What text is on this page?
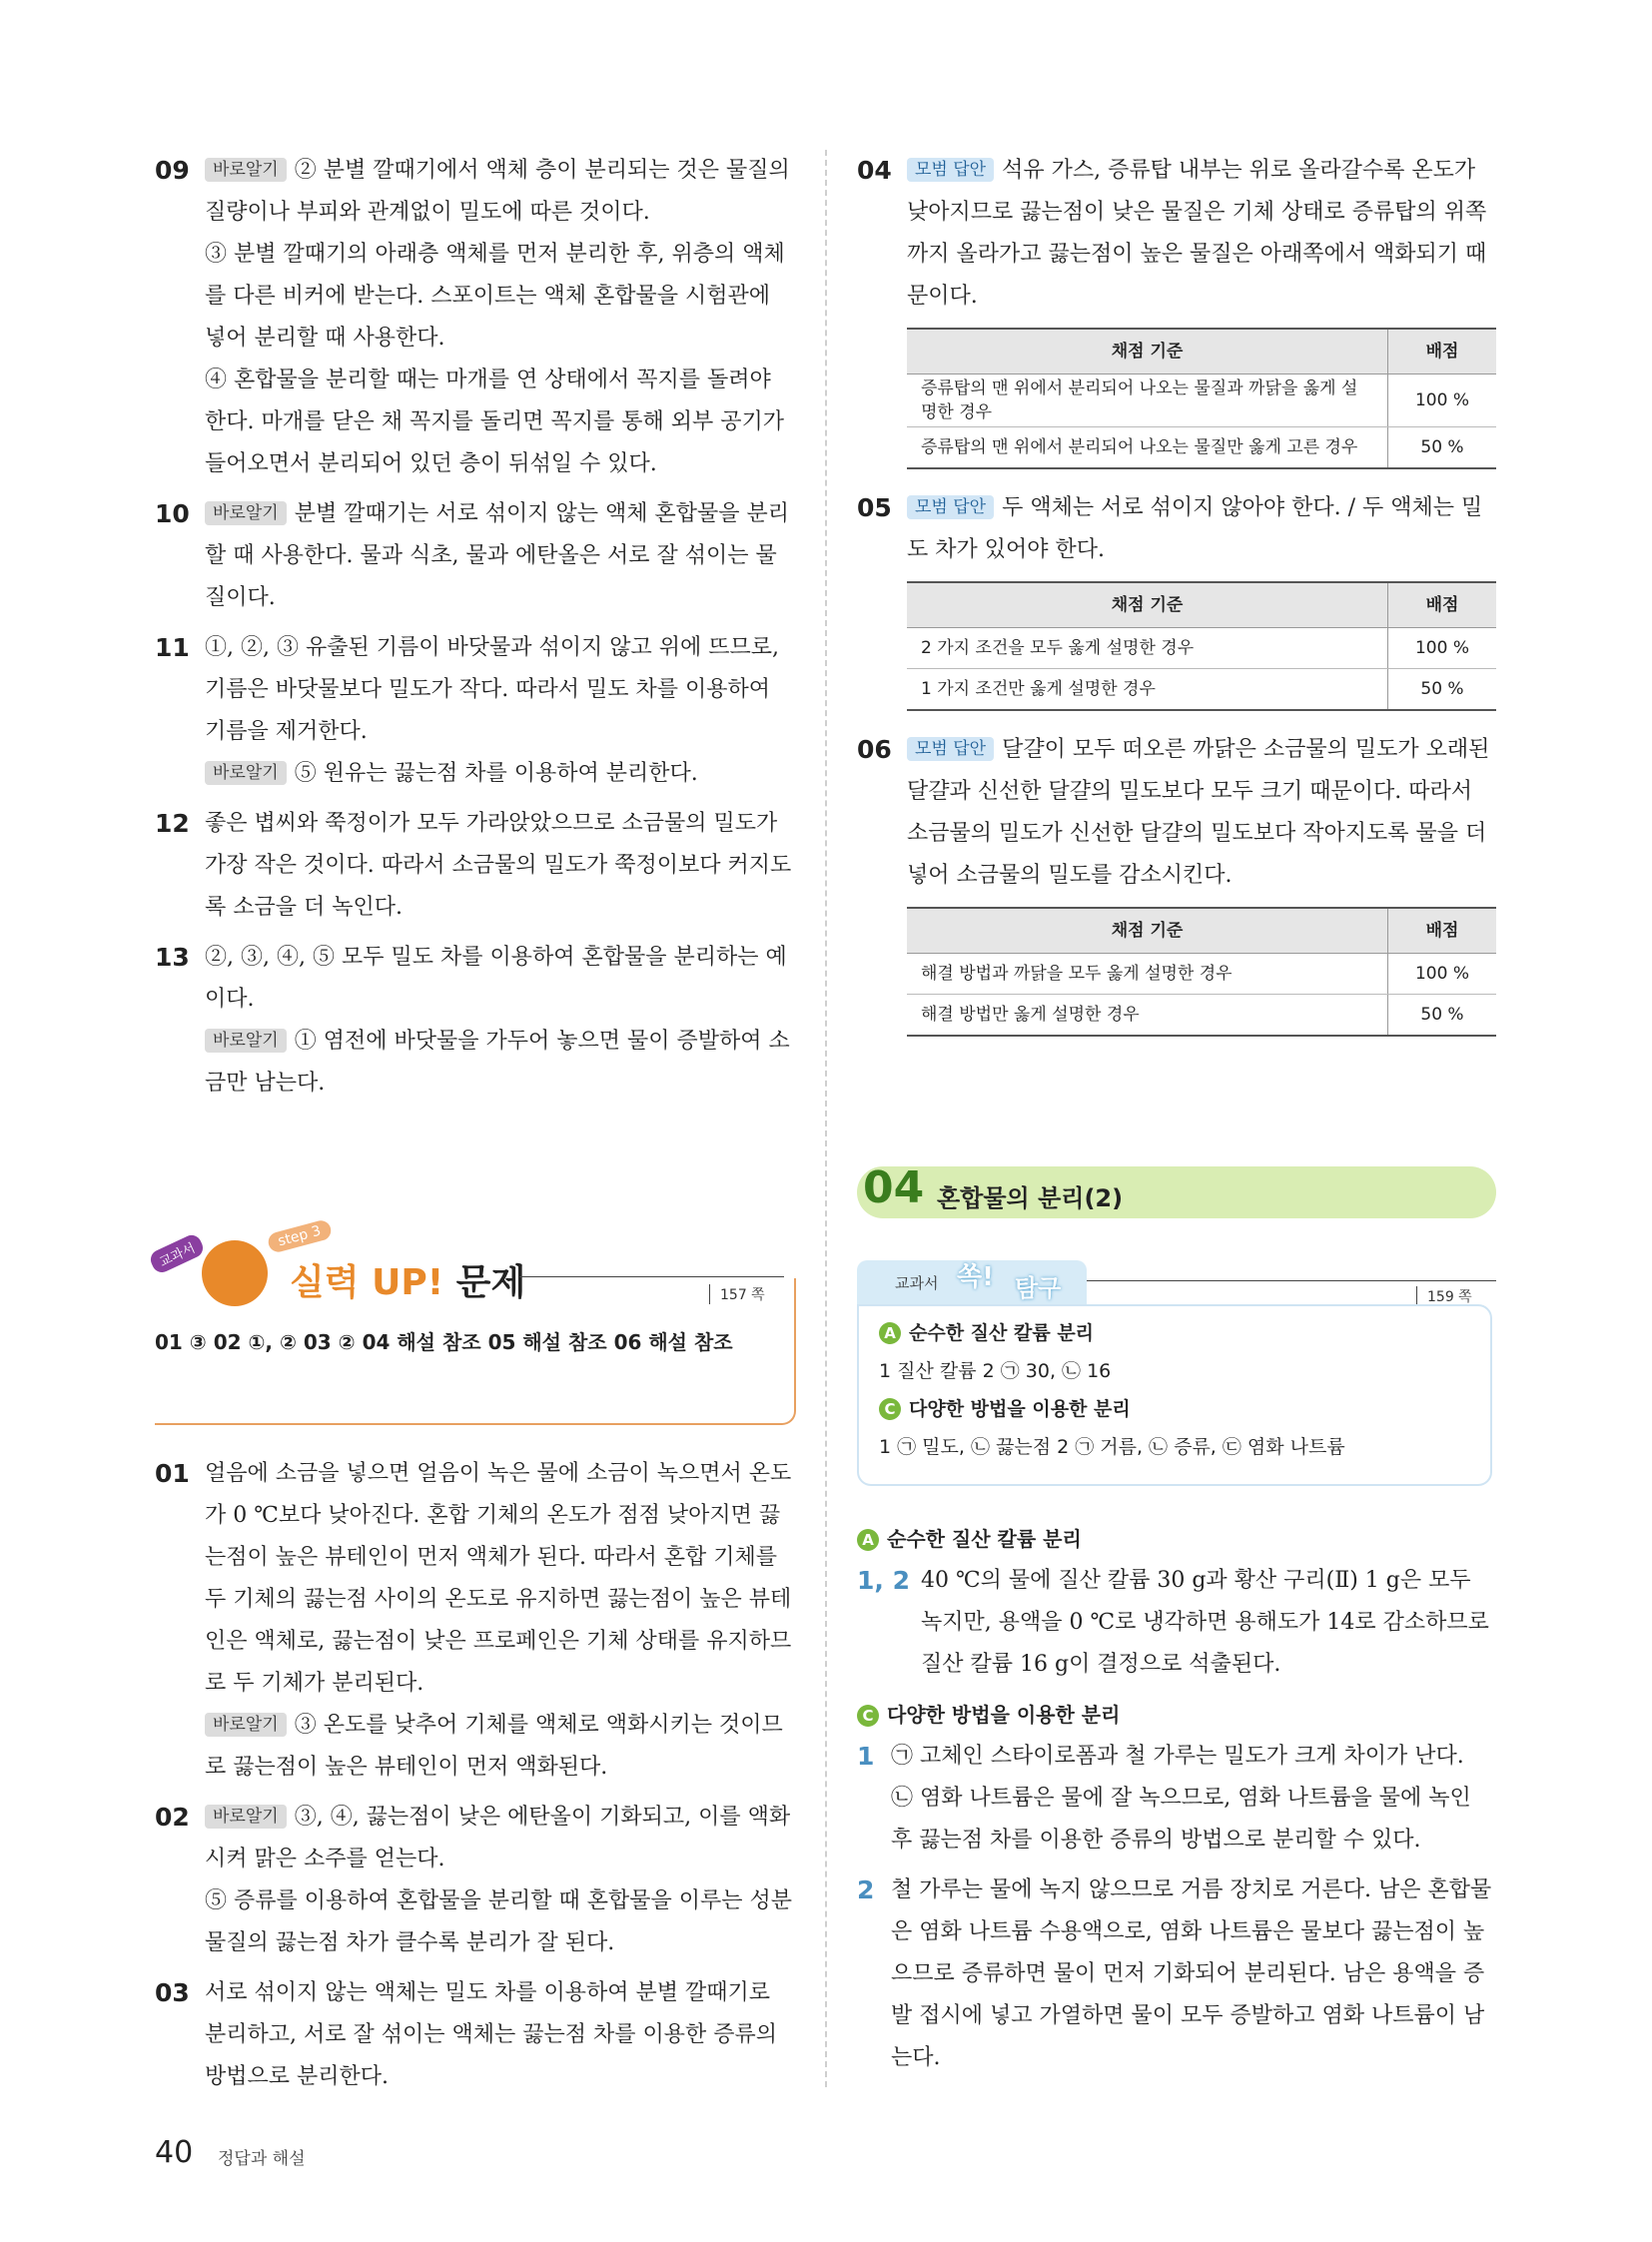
09	바로알기 ② 분별 깔때기에서 액체 층이 분리되는 것은 물질의 질량이나 부피와 관계없이 밀도에 따른 것이다.

③ 분별 깔때기의 아래층 액체를 먼저 분리한 후, 위층의 액체를 다른 비커에 받는다. 스포이트는 액체 혼합물을 시험관에 넣어 분리할 때 사용한다.

④ 혼합물을 분리할 때는 마개를 연 상태에서 꼭지를 돌려야 한다. 마개를 닫은 채 꼭지를 돌리면 꼭지를 통해 외부 공기가 들어오면서 분리되어 있던 층이 뒤섞일 수 있다.

10	바로알기 분별 깔때기는 서로 섞이지 않는 액체 혼합물을 분리할 때 사용한다. 물과 식초, 물과 에탄올은 서로 잘 섞이는 물질이다.

11 ①, ②, ③ 유출된 기름이 바닷물과 섞이지 않고 위에 뜨므로, 기름은 바닷물보다 밀도가 작다. 따라서 밀도 차를 이용하여 기름을 제거한다.

바로알기 ⑤ 원유는 끓는점 차를 이용하여 분리한다.

12 좋은 볍씨와 쭉정이가 모두 가라앉았으므로 소금물의 밀도가 가장 작은 것이다. 따라서 소금물의 밀도가 쭉정이보다 커지도록 소금을 더 녹인다.

13 ②, ③, ④, ⑤ 모두 밀도 차를 이용하여 혼합물을 분리하는 예이다.

바로알기 ① 염전에 바닷물을 가두어 놓으면 물이 증발하여 소금만 남는다.

교과서
step 3
실력 UP! 문제	157 쪽
01 ③ 02 ①, ② 03 ② 04 해설 참조 05 해설 참조 06 해설 참조
01 얼음에 소금을 넣으면 얼음이 녹은 물에 소금이 녹으면서 온도가 0 ℃보다 낮아진다. 혼합 기체의 온도가 점점 낮아지면 끓는점이 높은 뷰테인이 먼저 액체가 된다. 따라서 혼합 기체를 두 기체의 끓는점 사이의 온도로 유지하면 끓는점이 높은 뷰테인은 액체로, 끓는점이 낮은 프로페인은 기체 상태를 유지하므로 두 기체가 분리된다.

바로알기 ③ 온도를 낮추어 기체를 액체로 액화시키는 것이므로 끓는점이 높은 뷰테인이 먼저 액화된다.

02	바로알기 ③, ④, 끓는점이 낮은 에탄올이 기화되고, 이를 액화시켜 맑은 소주를 얻는다.

⑤ 증류를 이용하여 혼합물을 분리할 때 혼합물을 이루는 성분 물질의 끓는점 차가 클수록 분리가 잘 된다.

03 서로 섞이지 않는 액체는 밀도 차를 이용하여 분별 깔때기로 분리하고, 서로 잘 섞이는 액체는 끓는점 차를 이용한 증류의 방법으로 분리한다.

04	모범 답안 석유 가스, 증류탑 내부는 위로 올라갈수록 온도가 낮아지므로 끓는점이 낮은 물질은 기체 상태로 증류탑의 위쪽까지 올라가고 끓는점이 높은 물질은 아래쪽에서 액화되기 때문이다.

채점 기준	배점
증류탑의 맨 위에서 분리되어 나오는 물질과 까닭을 옳게 설명한 경우	100 %
증류탑의 맨 위에서 분리되어 나오는 물질만 옳게 고른 경우	50 %
05	모범 답안 두 액체는 서로 섞이지 않아야 한다. / 두 액체는 밀도 차가 있어야 한다.

채점 기준	배점
2 가지 조건을 모두 옳게 설명한 경우	100 %
1 가지 조건만 옳게 설명한 경우	50 %
06	모범 답안 달걀이 모두 떠오른 까닭은 소금물의 밀도가 오래된 달걀과 신선한 달걀의 밀도보다 모두 크기 때문이다. 따라서 소금물의 밀도가 신선한 달걀의 밀도보다 작아지도록 물을 더 넣어 소금물의 밀도를 감소시킨다.

채점 기준	배점
해결 방법과 까닭을 모두 옳게 설명한 경우	100 %
해결 방법만 옳게 설명한 경우	50 %
04 혼합물의 분리(2)
교과서 쏙! 탐구	159 쪽
A 순수한 질산 칼륨 분리
1 질산 칼륨 2 ㉠ 30, ㉡ 16
C 다양한 방법을 이용한 분리
1 ㉠ 밀도, ㉡ 끓는점 2 ㉠ 거름, ㉡ 증류, ㉢ 염화 나트륨
A 순수한 질산 칼륨 분리
1, 2 40 ℃의 물에 질산 칼륨 30 g과 황산 구리(Ⅱ) 1 g은 모두 녹지만, 용액을 0 ℃로 냉각하면 용해도가 14로 감소하므로 질산 칼륨 16 g이 결정으로 석출된다.

C 다양한 방법을 이용한 분리
1 ㉠ 고체인 스타이로폼과 철 가루는 밀도가 크게 차이가 난다.

㉡ 염화 나트륨은 물에 잘 녹으므로, 염화 나트륨을 물에 녹인 후 끓는점 차를 이용한 증류의 방법으로 분리할 수 있다.

2 철 가루는 물에 녹지 않으므로 거름 장치로 거른다. 남은 혼합물은 염화 나트륨 수용액으로, 염화 나트륨은 물보다 끓는점이 높으므로 증류하면 물이 먼저 기화되어 분리된다. 남은 용액을 증발 접시에 넣고 가열하면 물이 모두 증발하고 염화 나트륨이 남는다.

40 정답과 해설
